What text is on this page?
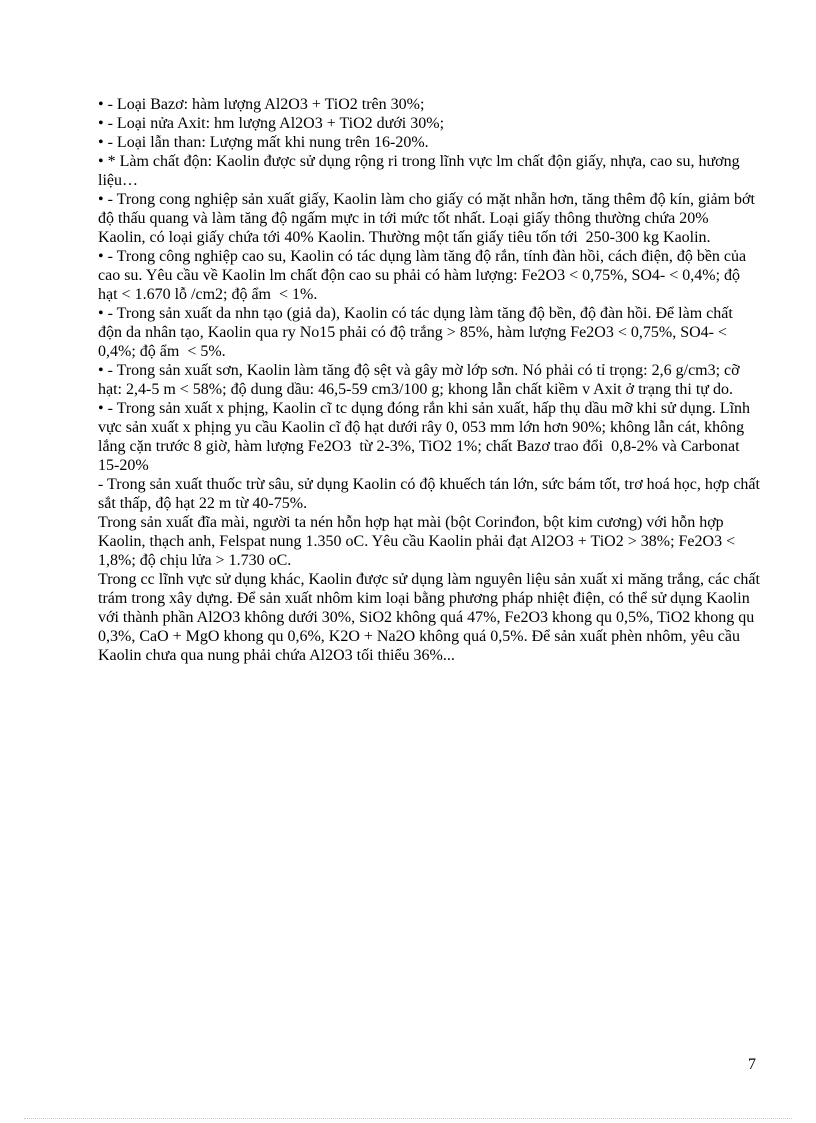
• - Loại Bazơ: hàm lượng Al2O3 + TiO2 trên 30%;

• - Loại nửa Axit: hm lượng Al2O3 + TiO2 dưới 30%;

• - Loại lẫn than: Lượng mất khi nung trên 16-20%.

• * Làm chất độn: Kaolin được sử dụng rộng ri trong lĩnh vực lm chất độn giấy, nhựa, cao su, hương liệu…

• - Trong cong nghiệp sản xuất giấy, Kaolin làm cho giấy có mặt nhẵn hơn, tăng thêm độ kín, giảm bớt độ thấu quang và làm tăng độ ngấm mực in tới mức tốt nhất. Loại giấy thông thường chứa 20% Kaolin, có loại giấy chứa tới 40% Kaolin. Thường một tấn giấy tiêu tốn tới  250-300 kg Kaolin.

• - Trong công nghiệp cao su, Kaolin có tác dụng làm tăng độ rắn, tính đàn hồi, cách điện, độ bền của cao su. Yêu cầu về Kaolin lm chất độn cao su phải có hàm lượng: Fe2O3 < 0,75%, SO4- < 0,4%; độ hạt < 1.670 lỗ /cm2; độ ẩm  < 1%.

• - Trong sản xuất da nhn tạo (giả da), Kaolin có tác dụng làm tăng độ bền, độ đàn hồi. Để làm chất độn da nhân tạo, Kaolin qua ry No15 phải có độ trắng > 85%, hàm lượng Fe2O3 < 0,75%, SO4- < 0,4%; độ ẩm  < 5%.

• - Trong sản xuất sơn, Kaolin làm tăng độ sệt và gây mờ lớp sơn. Nó phải có tỉ trọng: 2,6 g/cm3; cỡ hạt: 2,4-5 m < 58%; độ dung dầu: 46,5-59 cm3/100 g; khong lẫn chất kiềm v Axit ở trạng thi tự do.

• - Trong sản xuất x phịng, Kaolin cĩ tc dụng đóng rắn khi sản xuất, hấp thụ dầu mỡ khi sử dụng. Lĩnh vực sản xuất x phịng yu cầu Kaolin cĩ độ hạt dưới rây 0, 053 mm lớn hơn 90%; không lẫn cát, không lắng cặn trước 8 giờ, hàm lượng Fe2O3  từ 2-3%, TiO2 1%; chất Bazơ trao đổi  0,8-2% và Carbonat  15-20%

- Trong sản xuất thuốc trừ sâu, sử dụng Kaolin có độ khuếch tán lớn, sức bám tốt, trơ hoá học, hợp chất sắt thấp, độ hạt 22 m từ 40-75%.

Trong sản xuất đĩa mài, người ta nén hỗn hợp hạt mài (bột Corinđon, bột kim cương) với hỗn hợp Kaolin, thạch anh, Felspat nung 1.350 oC. Yêu cầu Kaolin phải đạt Al2O3 + TiO2 > 38%; Fe2O3 < 1,8%; độ chịu lửa > 1.730 oC.

Trong cc lĩnh vực sử dụng khác, Kaolin được sử dụng làm nguyên liệu sản xuất xi măng trắng, các chất trám trong xây dựng. Để sản xuất nhôm kim loại bằng phương pháp nhiệt điện, có thể sử dụng Kaolin với thành phần Al2O3 không dưới 30%, SiO2 không quá 47%, Fe2O3 khong qu 0,5%, TiO2 khong qu 0,3%, CaO + MgO khong qu 0,6%, K2O + Na2O không quá 0,5%. Để sản xuất phèn nhôm, yêu cầu Kaolin chưa qua nung phải chứa Al2O3 tối thiểu 36%...

7
